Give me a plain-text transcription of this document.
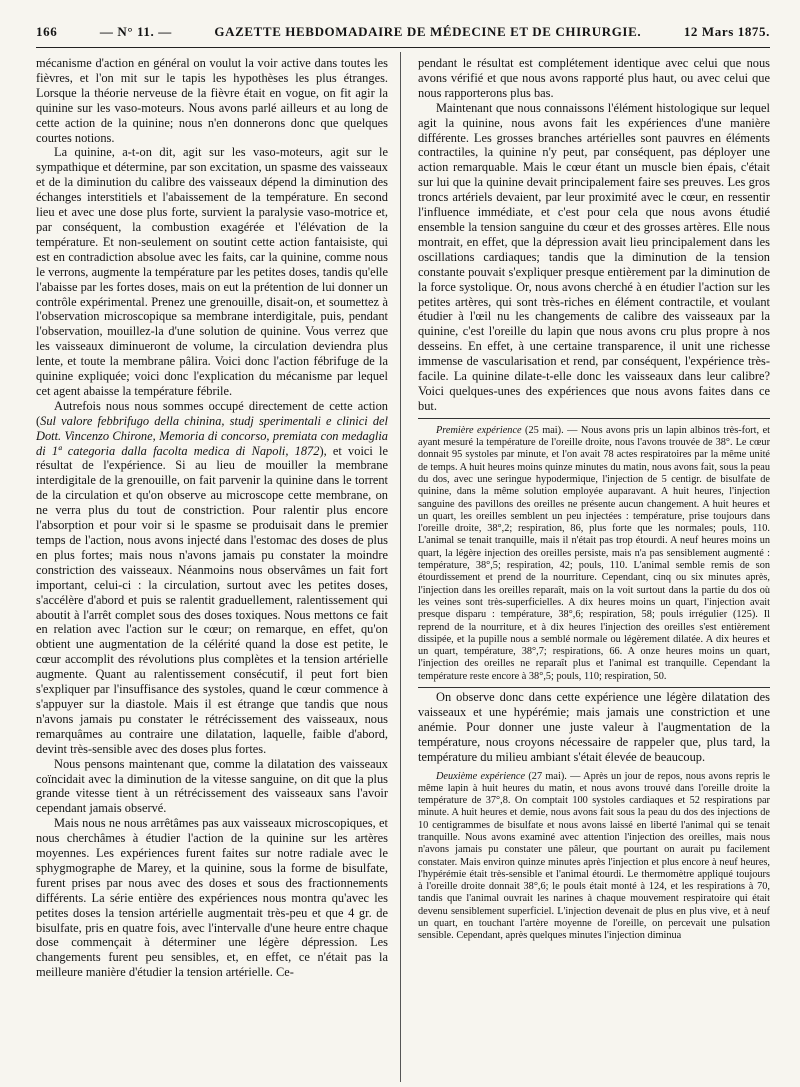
166	— N° 11. —	GAZETTE HEBDOMADAIRE DE MÉDECINE ET DE CHIRURGIE.	12 Mars 1875.

mécanisme d'action en général on voulut la voir active dans toutes les fièvres, et l'on mit sur le tapis les hypothèses les plus étranges. Lorsque la théorie nerveuse de la fièvre était en vogue, on fit agir la quinine sur les vaso-moteurs. Nous avons parlé ailleurs et au long de cette action de la quinine; nous n'en donnerons donc que quelques courtes notions.

La quinine, a-t-on dit, agit sur les vaso-moteurs, agit sur le sympathique et détermine, par son excitation, un spasme des vaisseaux et de la diminution du calibre des vaisseaux dépend la diminution des échanges interstitiels et l'abaissement de la température. En second lieu et avec une dose plus forte, survient la paralysie vaso-motrice et, par conséquent, la combustion exagérée et l'élévation de la température. Et non-seulement on soutint cette action fantaisiste, qui est en contradiction absolue avec les faits, car la quinine, comme nous le verrons, augmente la température par les petites doses, tandis qu'elle l'abaisse par les fortes doses, mais on eut la prétention de lui donner un contrôle expérimental. Prenez une grenouille, disait-on, et soumettez à l'observation microscopique sa membrane interdigitale, puis, pendant l'observation, mouillez-la d'une solution de quinine. Vous verrez que les vaisseaux diminueront de volume, la circulation deviendra plus lente, et toute la membrane pâlira. Voici donc l'action fébrifuge de la quinine expliquée; voici donc l'explication du mécanisme par lequel cet agent abaisse la température fébrile.

Autrefois nous nous sommes occupé directement de cette action (Sul valore febbrifugo della chinina, studj sperimentali e clinici del Dott. Vincenzo Chirone, Memoria di concorso, premiata con medaglia di 1ª categoria dalla facolta medica di Napoli, 1872), et voici le résultat de l'expérience. Si au lieu de mouiller la membrane interdigitale de la grenouille, on fait parvenir la quinine dans le torrent de la circulation et qu'on observe au microscope cette membrane, on ne verra plus du tout de constriction. Pour ralentir plus encore l'absorption et pour voir si le spasme se produisait dans le premier temps de l'action, nous avons injecté dans l'estomac des doses de plus en plus fortes; mais nous n'avons jamais pu constater la moindre constriction des vaisseaux. Néanmoins nous observâmes un fait fort important, celui-ci : la circulation, surtout avec les petites doses, s'accélère d'abord et puis se ralentit graduellement, ralentissement qui aboutit à l'arrêt complet sous des doses toxiques. Nous mettons ce fait en relation avec l'action sur le cœur; on remarque, en effet, qu'on obtient une augmentation de la célérité quand la dose est petite, le cœur accomplit des révolutions plus complètes et la tension artérielle augmente. Quant au ralentissement consécutif, il peut fort bien s'expliquer par l'insuffisance des systoles, quand le cœur commence à s'appuyer sur la diastole. Mais il est étrange que tandis que nous n'avons jamais pu constater le rétrécissement des vaisseaux, nous remarquâmes au contraire une dilatation, laquelle, faible d'abord, devint très-sensible avec des doses plus fortes.

Nous pensons maintenant que, comme la dilatation des vaisseaux coïncidait avec la diminution de la vitesse sanguine, on dit que la plus grande vitesse tient à un rétrécissement des vaisseaux sans l'avoir cependant jamais observé.

Mais nous ne nous arrêtâmes pas aux vaisseaux microscopiques, et nous cherchâmes à étudier l'action de la quinine sur les artères moyennes. Les expériences furent faites sur notre radiale avec le sphygmographe de Marey, et la quinine, sous la forme de bisulfate, furent prises par nous avec des doses et sous des fractionnements différents. La série entière des expériences nous montra qu'avec les petites doses la tension artérielle augmentait très-peu et que 4 gr. de bisulfate, pris en quatre fois, avec l'intervalle d'une heure entre chaque dose commençait à déterminer une légère dépression. Les changements furent peu sensibles, et, en effet, ce n'était pas la meilleure manière d'étudier la tension artérielle. Ce-

pendant le résultat est complétement identique avec celui que nous avons vérifié et que nous avons rapporté plus haut, ou avec celui que nous rapporterons plus bas.

Maintenant que nous connaissons l'élément histologique sur lequel agit la quinine, nous avons fait les expériences d'une manière différente. Les grosses branches artérielles sont pauvres en éléments contractiles, la quinine n'y peut, par conséquent, pas déployer une action remarquable. Mais le cœur étant un muscle bien épais, c'était sur lui que la quinine devait principalement faire ses preuves. Les gros troncs artériels devaient, par leur proximité avec le cœur, en ressentir l'influence immédiate, et c'est pour cela que nous avons étudié ensemble la tension sanguine du cœur et des grosses artères. Elle nous montrait, en effet, que la dépression avait lieu principalement dans les oscillations cardiaques; tandis que la diminution de la tension constante pouvait s'expliquer presque entièrement par la diminution de la force systolique. Or, nous avons cherché à en étudier l'action sur les petites artères, qui sont très-riches en élément contractile, et voulant étudier à l'œil nu les changements de calibre des vaisseaux par la quinine, c'est l'oreille du lapin que nous avons cru plus propre à nos desseins. En effet, à une certaine transparence, il unit une richesse immense de vascularisation et rend, par conséquent, l'expérience très-facile. La quinine dilate-t-elle donc les vaisseaux dans leur calibre? Voici quelques-unes des expériences que nous avons faites dans ce but.

Première expérience (25 mai). — Nous avons pris un lapin albinos très-fort, et ayant mesuré la température de l'oreille droite, nous l'avons trouvée de 38°. Le cœur donnait 95 systoles par minute, et l'on avait 78 actes respiratoires par la même unité de temps. A huit heures moins quinze minutes du matin, nous avons fait, sous la peau du dos, avec une seringue hypodermique, l'injection de 5 centigr. de bisulfate de quinine, dans la même solution employée auparavant. A huit heures, l'injection sanguine des pavillons des oreilles ne présente aucun changement. A huit heures et un quart, les oreilles semblent un peu injectées : température, prise toujours dans l'oreille droite, 38°,2; respiration, 86, plus forte que les normales; pouls, 110. L'animal se tenait tranquille, mais il n'était pas trop étourdi. A neuf heures moins un quart, la légère injection des oreilles persiste, mais n'a pas sensiblement augmenté : température, 38°,5; respiration, 42; pouls, 110. L'animal semble remis de son étourdissement et prend de la nourriture. Cependant, cinq ou six minutes après, l'injection dans les oreilles reparaît, mais on la voit surtout dans la partie du dos où les veines sont très-superficielles. A dix heures moins un quart, l'injection avait presque disparu : température, 38°,6; respiration, 58; pouls irrégulier (125). Il reprend de la nourriture, et à dix heures l'injection des oreilles s'est entièrement dissipée, et la pupille nous a semblé normale ou légèrement dilatée. A dix heures et un quart, température, 38°,7; respirations, 66. A onze heures moins un quart, l'injection des oreilles ne reparaît plus et l'animal est tranquille. Cependant la température reste encore à 38°,5; pouls, 110; respiration, 50.

On observe donc dans cette expérience une légère dilatation des vaisseaux et une hypérémie; mais jamais une constriction et une anémie. Pour donner une juste valeur à l'augmentation de la température, nous croyons nécessaire de rappeler que, plus tard, la température du milieu ambiant s'était élevée de beaucoup.

Deuxième expérience (27 mai). — Après un jour de repos, nous avons repris le même lapin à huit heures du matin, et nous avons trouvé dans l'oreille droite la température de 37°,8. On comptait 100 systoles cardiaques et 52 respirations par minute. A huit heures et demie, nous avons fait sous la peau du dos des injections de 10 centigrammes de bisulfate et nous avons laissé en liberté l'animal qui se tenait tranquille. Nous avons examiné avec attention l'injection des oreilles, mais nous n'avons jamais pu constater une pâleur, que pourtant on aurait pu facilement constater. Mais environ quinze minutes après l'injection et plus encore à neuf heures, l'hypérémie était très-sensible et l'animal étourdi. Le thermomètre appliqué toujours à l'oreille droite donnait 38°,6; le pouls était monté à 124, et les respirations à 70, tandis que l'animal ouvrait les narines à chaque mouvement respiratoire qui était devenu sensiblement superficiel. L'injection devenait de plus en plus vive, et à neuf un quart, en touchant l'artère moyenne de l'oreille, on percevait une pulsation sensible. Cependant, après quelques minutes l'injection diminua
